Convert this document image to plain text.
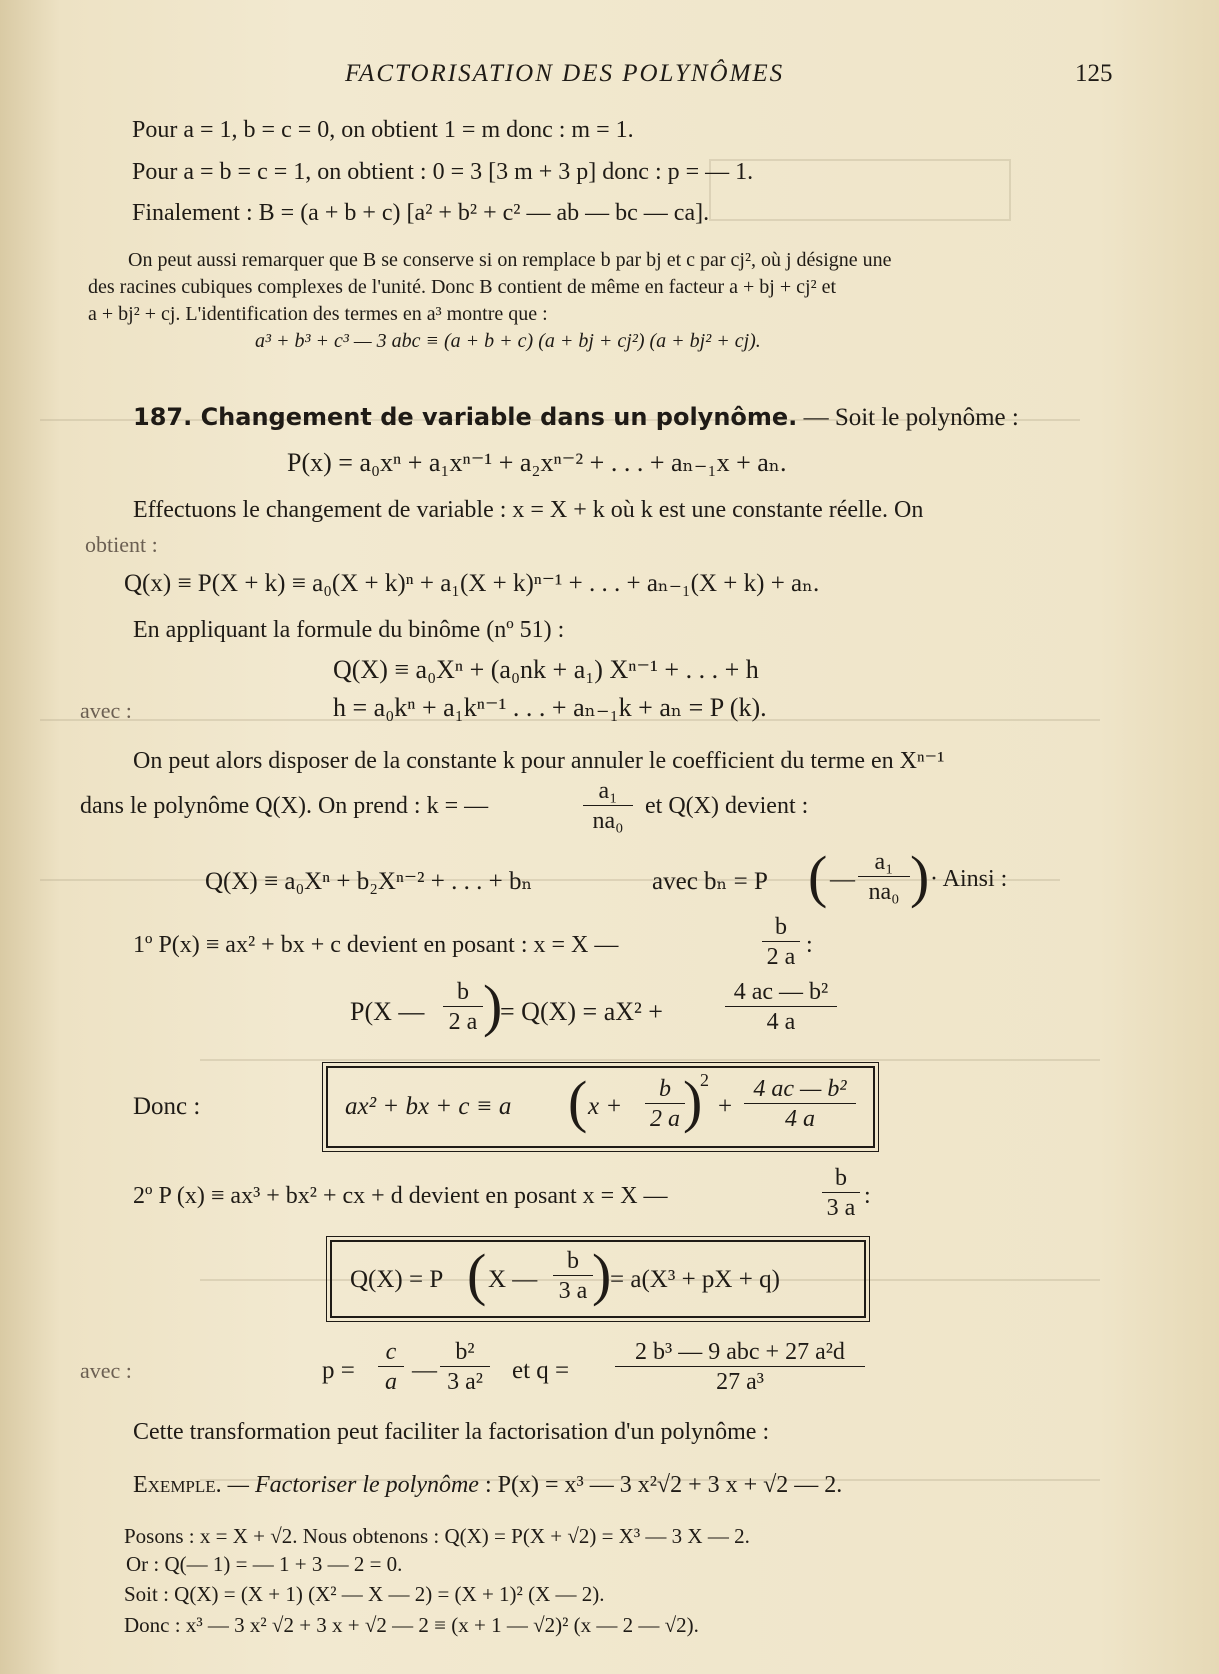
FACTORISATION DES POLYNÔMES	125
Pour a = 1, b = c = 0, on obtient 1 = m donc : m = 1.
Pour a = b = c = 1, on obtient : 0 = 3 [3 m + 3 p] donc : p = — 1.
Finalement : B = (a + b + c) [a² + b² + c² — ab — bc — ca].
On peut aussi remarquer que B se conserve si on remplace b par bj et c par cj², où j désigne une
des racines cubiques complexes de l'unité. Donc B contient de même en facteur a + bj + cj² et
a + bj² + cj. L'identification des termes en a³ montre que :
a³ + b³ + c³ — 3 abc ≡ (a + b + c) (a + bj + cj²) (a + bj² + cj).
187. Changement de variable dans un polynôme. — Soit le polynôme :
P(x) = a₀xⁿ + a₁xⁿ⁻¹ + a₂xⁿ⁻² + . . . + aₙ₋₁x + aₙ.
Effectuons le changement de variable : x = X + k où k est une constante réelle. On
obtient :
Q(x) ≡ P(X + k) ≡ a₀(X + k)ⁿ + a₁(X + k)ⁿ⁻¹ + . . . + aₙ₋₁(X + k) + aₙ.
En appliquant la formule du binôme (nº 51) :
Q(X) ≡ a₀Xⁿ + (a₀nk + a₁) Xⁿ⁻¹ + . . . + h
avec :	h = a₀kⁿ + a₁kⁿ⁻¹ . . . + aₙ₋₁k + aₙ = P (k).
On peut alors disposer de la constante k pour annuler le coefficient du terme en Xⁿ⁻¹
dans le polynôme Q(X). On prend : k = —	$\frac{\text{a₁}}{\text{na₀}}$ et Q(X) devient :
Q(X) ≡ a₀Xⁿ + b₂Xⁿ⁻² + . . . + bₙ	avec bₙ = P ( — $\frac{\text{a₁}}{\text{na₀}}$ ) · Ainsi :
1º P(x) ≡ ax² + bx + c devient en posant : x = X —	$\frac{b}{2 a}$ :
P(X — $\frac{b}{2 a}$ )
= Q(X) = aX² +	$\frac{\text{4 ac — b²}}{4 a}$
Donc :	ax² + bx + c ≡ a ( $x + \frac{b}{2 a}$
)
2
+ $\frac{\text{4 ac — b²}}{4 a}$
2º P (x) ≡ ax³ + bx² + cx + d devient en posant x = X —	$\frac{b}{3 a}$ :
Q(X) = P ( X — $\frac{b}{3 a}$ )
= a(X³ + pX + q)
avec :	$p = \frac{c}{a}$ — $\frac{\text{b²}}{\text{3 a²}}$ et q =
2 b³ — 9 abc + 27 a²d
27 a³
Cette transformation peut faciliter la factorisation d'un polynôme :
Exemple. — Factoriser le polynôme : P(x) = x³ — 3 x²√2 + 3 x + √2 — 2.
Posons : x = X + √2. Nous obtenons : Q(X) = P(X + √2) = X³ — 3 X — 2.
Or : Q(— 1) = — 1 + 3 — 2 = 0.
Soit : Q(X) = (X + 1) (X² — X — 2) = (X + 1)² (X — 2).
Donc : x³ — 3 x² √2 + 3 x + √2 — 2 ≡ (x + 1 — √2)² (x — 2 — √2).
